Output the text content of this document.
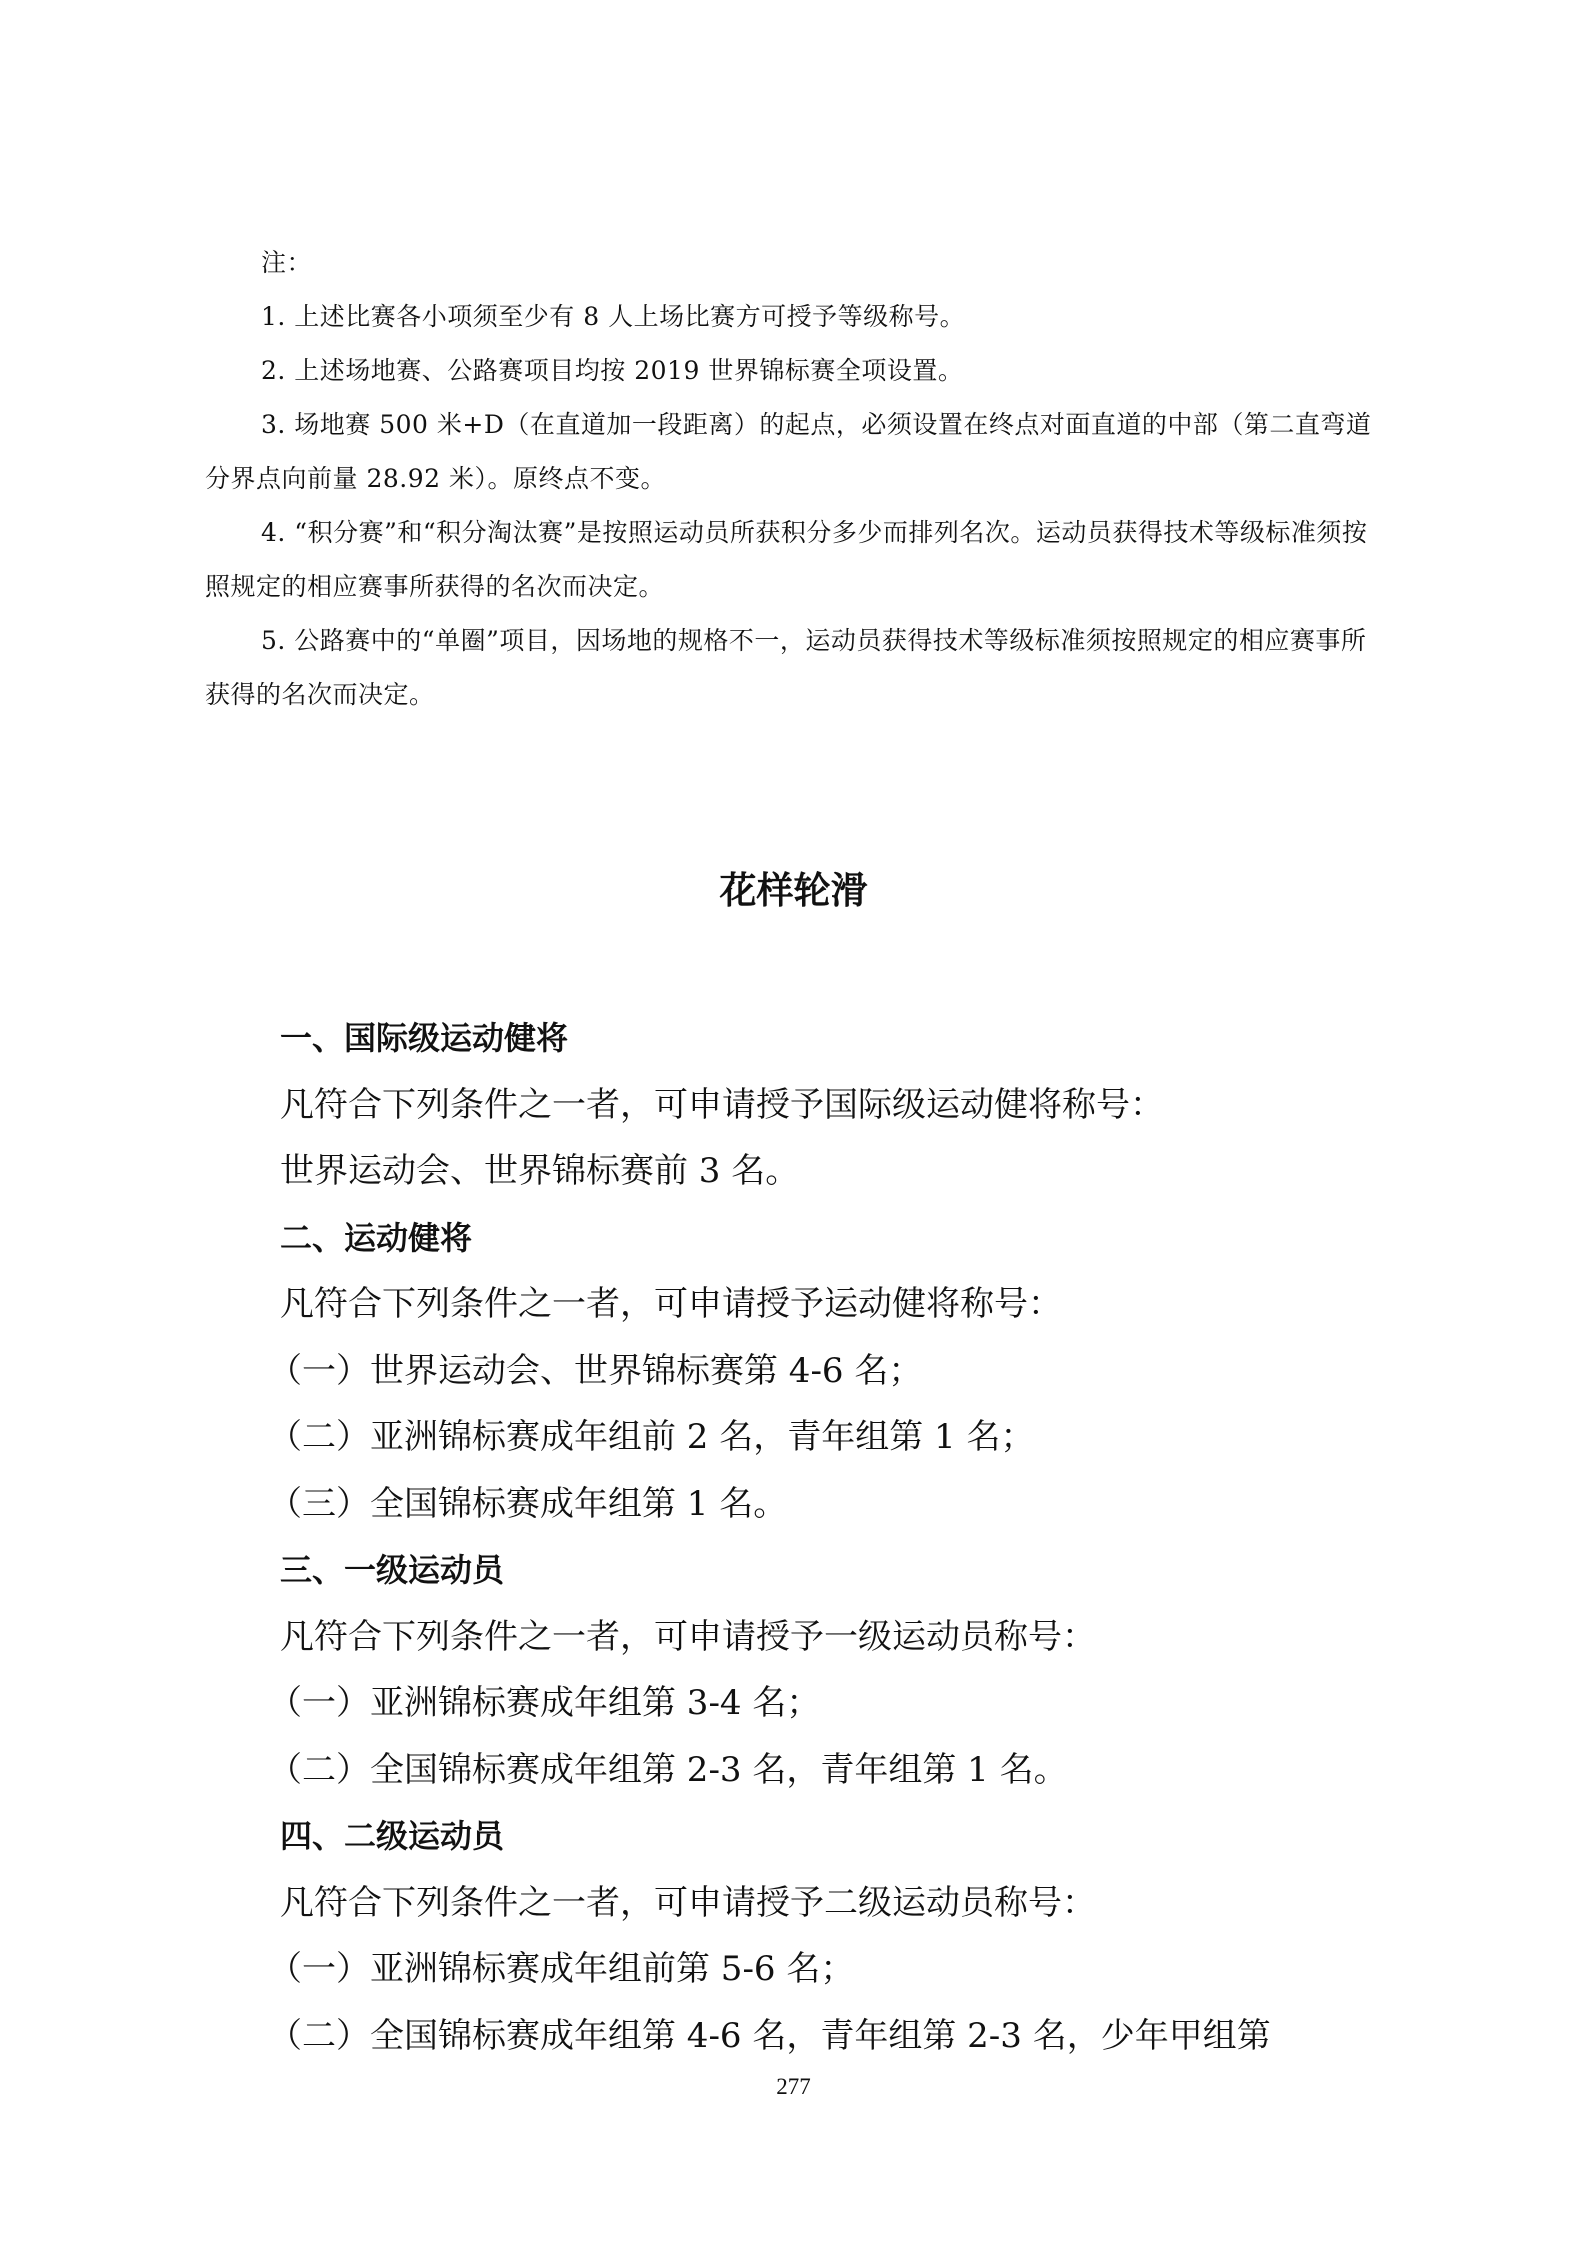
注：

1. 上述比赛各小项须至少有 8 人上场比赛方可授予等级称号。

2. 上述场地赛、公路赛项目均按 2019 世界锦标赛全项设置。

3. 场地赛 500 米+D（在直道加一段距离）的起点，必须设置在终点对面直道的中部（第二直弯道分界点向前量 28.92 米）。原终点不变。

4. “积分赛”和“积分淘汰赛”是按照运动员所获积分多少而排列名次。运动员获得技术等级标准须按照规定的相应赛事所获得的名次而决定。

5. 公路赛中的“单圈”项目，因场地的规格不一，运动员获得技术等级标准须按照规定的相应赛事所获得的名次而决定。

花样轮滑
一、国际级运动健将
凡符合下列条件之一者，可申请授予国际级运动健将称号：
世界运动会、世界锦标赛前 3 名。
二、运动健将
凡符合下列条件之一者，可申请授予运动健将称号：
（一）世界运动会、世界锦标赛第 4-6 名；
（二）亚洲锦标赛成年组前 2 名，青年组第 1 名；
（三）全国锦标赛成年组第 1 名。
三、一级运动员
凡符合下列条件之一者，可申请授予一级运动员称号：
（一）亚洲锦标赛成年组第 3-4 名；
（二）全国锦标赛成年组第 2-3 名，青年组第 1 名。
四、二级运动员
凡符合下列条件之一者，可申请授予二级运动员称号：
（一）亚洲锦标赛成年组前第 5-6 名；
（二）全国锦标赛成年组第 4-6 名，青年组第 2-3 名，少年甲组第
277
